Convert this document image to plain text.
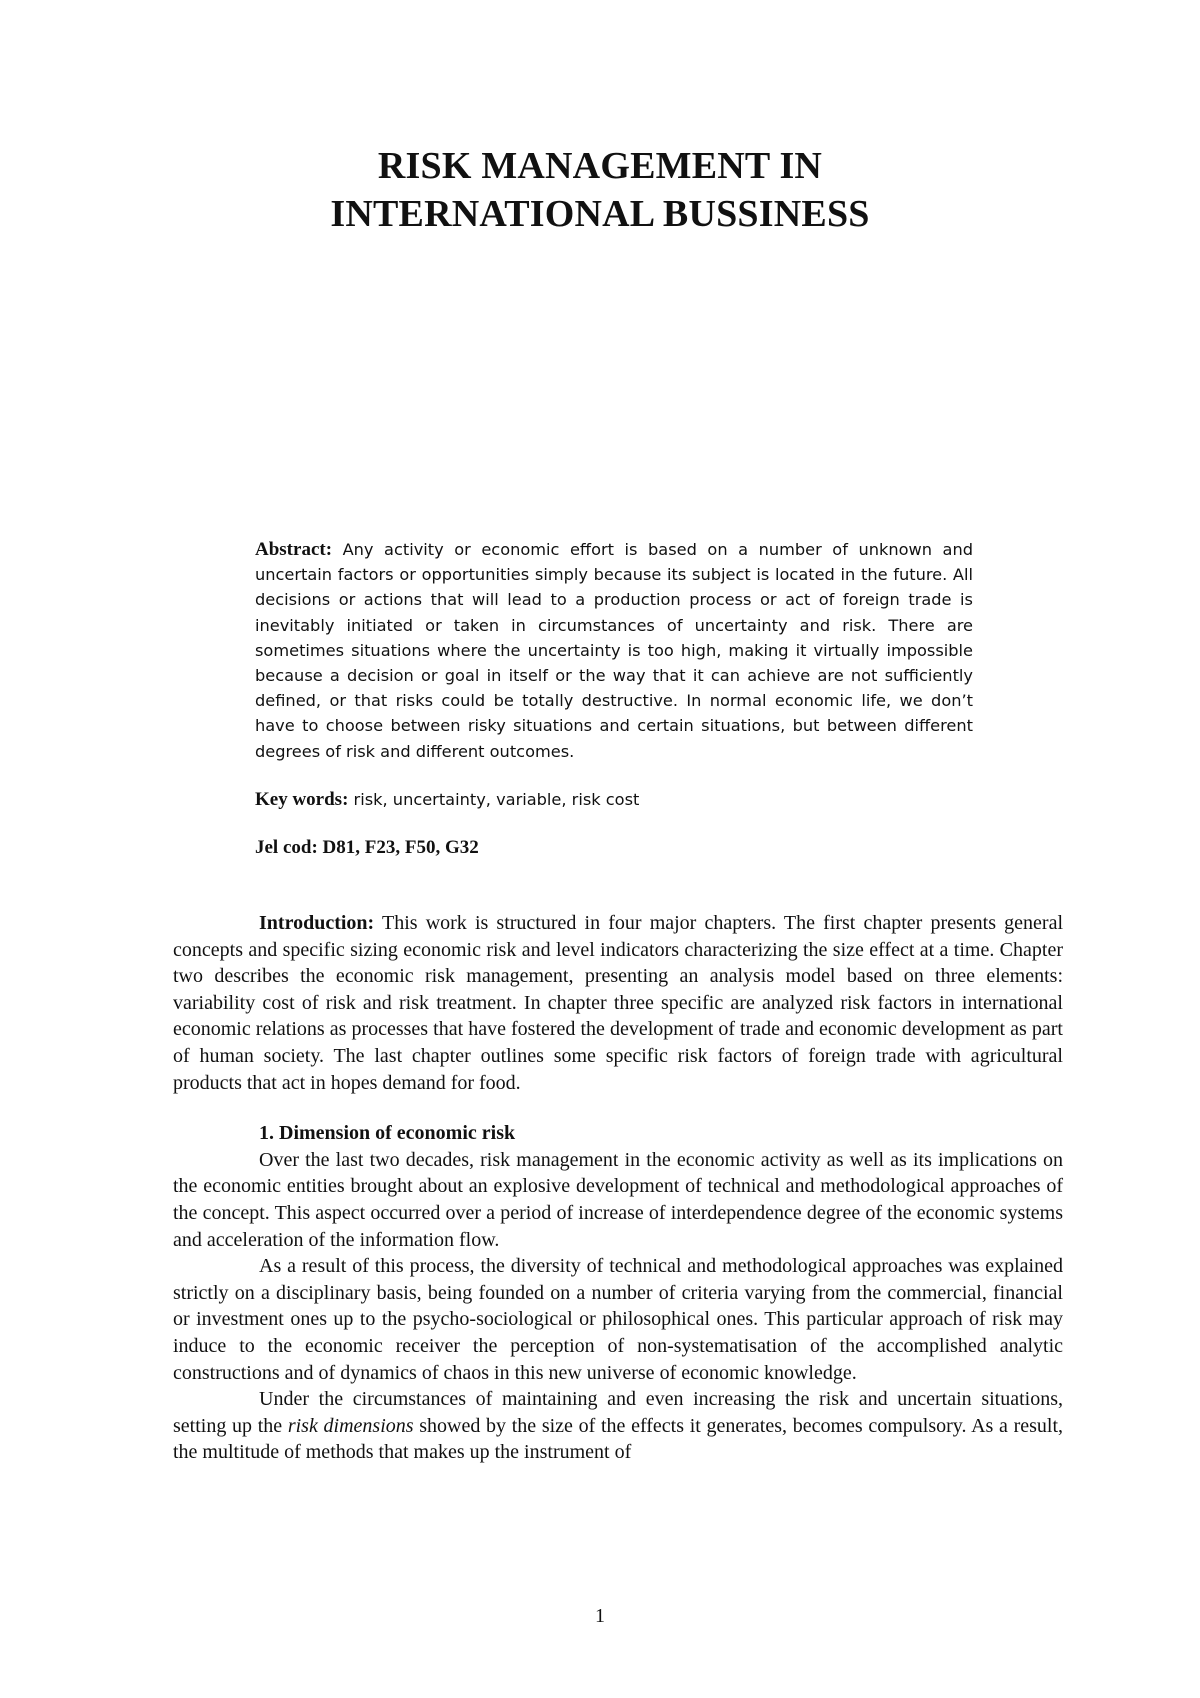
RISK MANAGEMENT IN
INTERNATIONAL BUSSINESS

Abstract: Any activity or economic effort is based on a number of unknown and uncertain factors or opportunities simply because its subject is located in the future. All decisions or actions that will lead to a production process or act of foreign trade is inevitably initiated or taken in circumstances of uncertainty and risk. There are sometimes situations where the uncertainty is too high, making it virtually impossible because a decision or goal in itself or the way that it can achieve are not sufficiently defined, or that risks could be totally destructive. In normal economic life, we don’t have to choose between risky situations and certain situations, but between different degrees of risk and different outcomes.

Key words: risk, uncertainty, variable, risk cost

Jel cod: D81, F23, F50, G32

Introduction: This work is structured in four major chapters. The first chapter presents general concepts and specific sizing economic risk and level indicators characterizing the size effect at a time. Chapter two describes the economic risk management, presenting an analysis model based on three elements: variability cost of risk and risk treatment. In chapter three specific are analyzed risk factors in international economic relations as processes that have fostered the development of trade and economic development as part of human society. The last chapter outlines some specific risk factors of foreign trade with agricultural products that act in hopes demand for food.

1. Dimension of economic risk

Over the last two decades, risk management in the economic activity as well as its implications on the economic entities brought about an explosive development of technical and methodological approaches of the concept. This aspect occurred over a period of increase of interdependence degree of the economic systems and acceleration of the information flow.

As a result of this process, the diversity of technical and methodological approaches was explained strictly on a disciplinary basis, being founded on a number of criteria varying from the commercial, financial or investment ones up to the psycho-sociological or philosophical ones. This particular approach of risk may induce to the economic receiver the perception of non-systematisation of the accomplished analytic constructions and of dynamics of chaos in this new universe of economic knowledge.

Under the circumstances of maintaining and even increasing the risk and uncertain situations, setting up the risk dimensions showed by the size of the effects it generates, becomes compulsory. As a result, the multitude of methods that makes up the instrument of

1
